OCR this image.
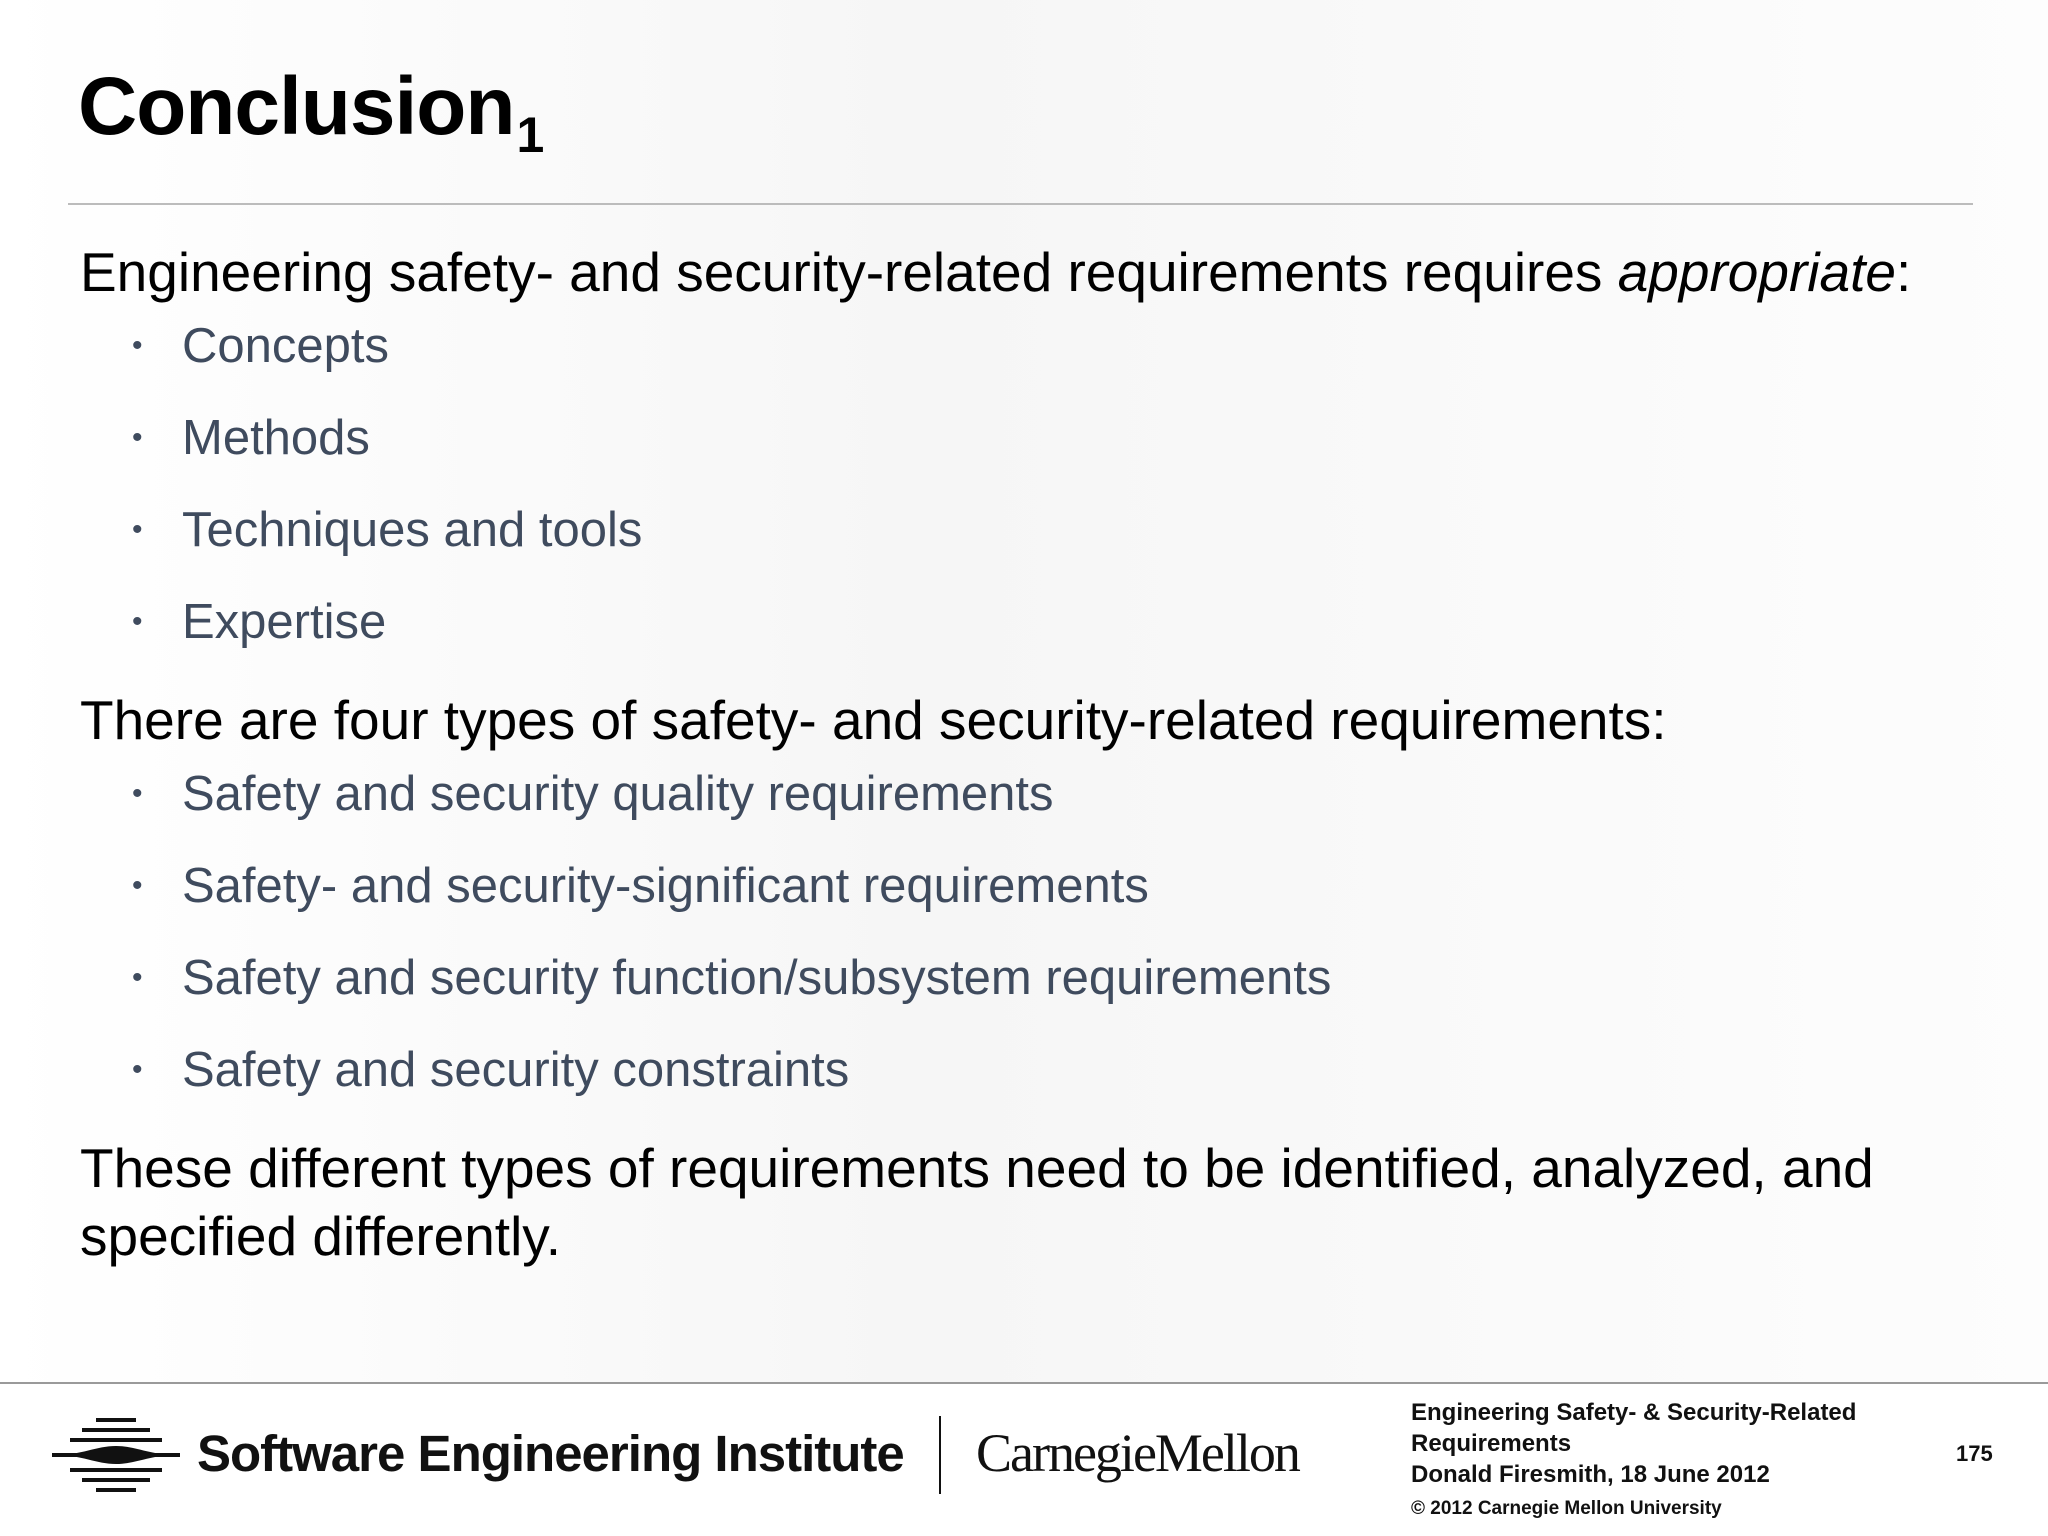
Conclusion$_1$

Engineering safety- and security-related requirements requires appropriate:

• Concepts
• Methods
• Techniques and tools
• Expertise

There are four types of safety- and security-related requirements:

• Safety and security quality requirements
• Safety- and security-significant requirements
• Safety and security function/subsystem requirements
• Safety and security constraints

These different types of requirements need to be identified, analyzed, and specified differently.

Software Engineering Institute CarnegieMellon
Engineering Safety- & Security-Related Requirements
Donald Firesmith, 18 June 2012
© 2012 Carnegie Mellon University
175
